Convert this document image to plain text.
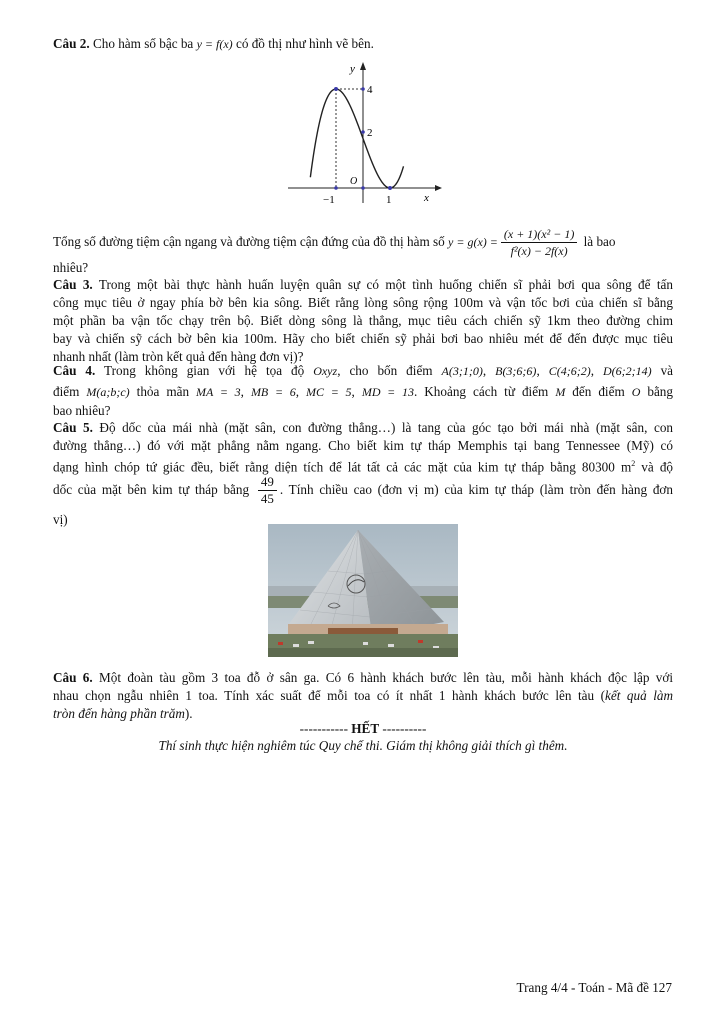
Câu 2. Cho hàm số bậc ba y = f(x) có đồ thị như hình vẽ bên.
y
x
O
4
2
−1	1
Tổng số đường tiệm cận ngang và đường tiệm cận đứng của đồ thị hàm số $y = g(x) = \frac{\text{(x + 1)(x² − 1)}}{\text{f²(x) − 2f(x)}}$ là bao
nhiêu?
Câu 3. Trong một bài thực hành huấn luyện quân sự có một tình huống chiến sĩ phải bơi qua sông để tấn
công mục tiêu ở ngay phía bờ bên kia sông. Biết rằng lòng sông rộng 100m và vận tốc bơi của chiến sĩ bằng
một phần ba vận tốc chạy trên bộ. Biết dòng sông là thẳng, mục tiêu cách chiến sỹ 1km theo đường chim
bay và chiến sỹ cách bờ bên kia 100m. Hãy cho biết chiến sỹ phải bơi bao nhiêu mét để đến được mục tiêu
nhanh nhất (làm tròn kết quả đến hàng đơn vị)?
Câu 4. Trong không gian với hệ tọa độ Oxyz, cho bốn điểm A(3;1;0), B(3;6;6), C(4;6;2), D(6;2;14) và
điểm M(a;b;c) thỏa mãn MA = 3, MB = 6, MC = 5, MD = 13. Khoảng cách từ điểm M đến điểm O bằng
bao nhiêu?
Câu 5. Độ dốc của mái nhà (mặt sân, con đường thẳng…) là tang của góc tạo bởi mái nhà (mặt sân, con
đường thẳng…) đó với mặt phẳng nằm ngang. Cho biết kim tự tháp Memphis tại bang Tennessee (Mỹ) có
dạng hình chóp tứ giác đều, biết rằng diện tích để lát tất cả các mặt của kim tự tháp bằng 80300 $m^2$ và độ
dốc của mặt bên kim tự tháp bằng $\frac{49}{45}$ . Tính chiều cao (đơn vị m) của kim tự tháp (làm tròn đến hàng đơn
vị)
Câu 6. Một đoàn tàu gồm 3 toa đỗ ở sân ga. Có 6 hành khách bước lên tàu, mỗi hành khách độc lập với
nhau chọn ngẫu nhiên 1 toa. Tính xác suất để mỗi toa có ít nhất 1 hành khách bước lên tàu (kết quả làm
tròn đến hàng phần trăm).
----------- HẾT ----------
Thí sinh thực hiện nghiêm túc Quy chế thi. Giám thị không giải thích gì thêm.
Trang 4/4 - Toán - Mã đề 127
